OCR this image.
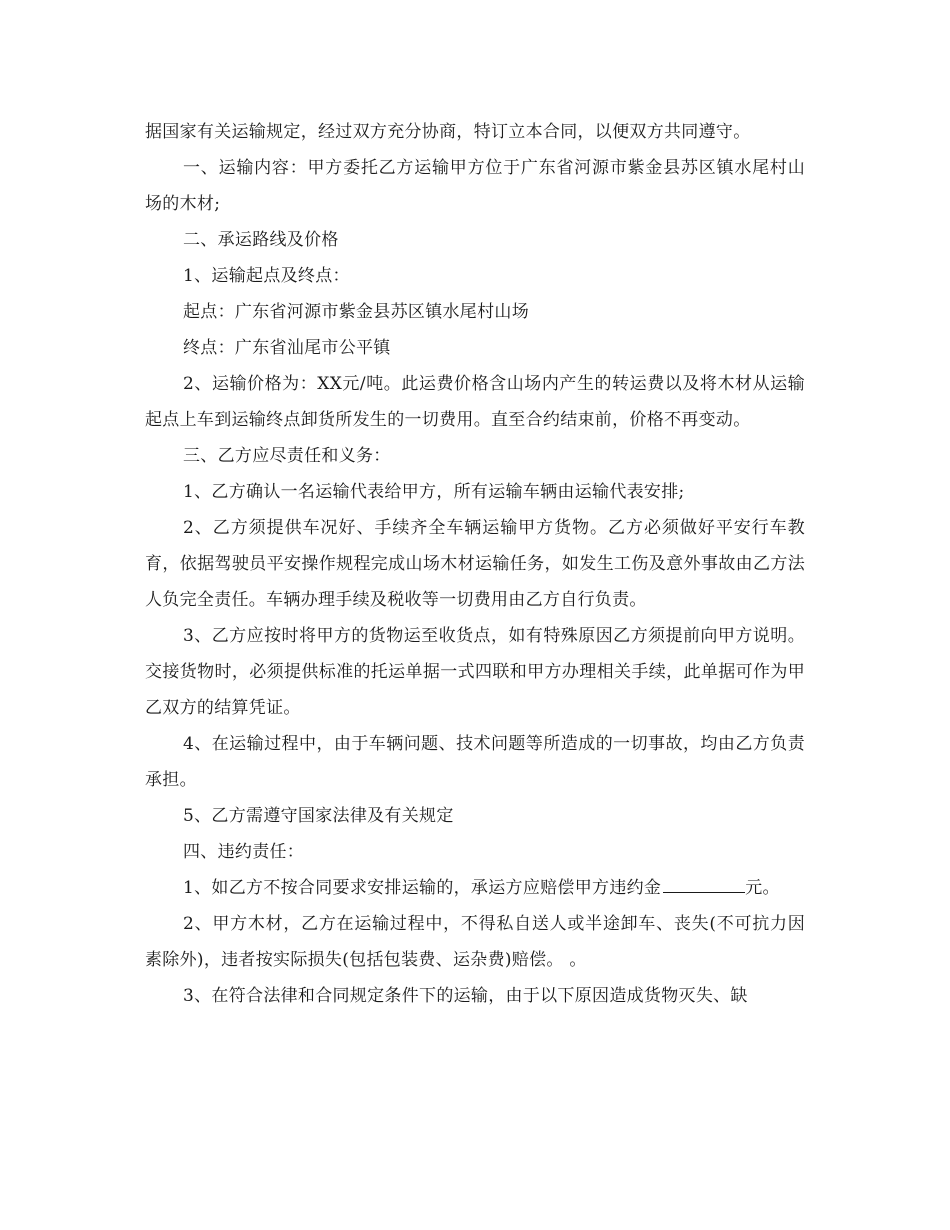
据国家有关运输规定，经过双方充分协商，特订立本合同，以便双方共同遵守。

一、运输内容：甲方委托乙方运输甲方位于广东省河源市紫金县苏区镇水尾村山场的木材;

二、承运路线及价格

1、运输起点及终点：

起点：广东省河源市紫金县苏区镇水尾村山场

终点：广东省汕尾市公平镇

2、运输价格为：XX元/吨。此运费价格含山场内产生的转运费以及将木材从运输起点上车到运输终点卸货所发生的一切费用。直至合约结束前，价格不再变动。

三、乙方应尽责任和义务：

1、乙方确认一名运输代表给甲方，所有运输车辆由运输代表安排;

2、乙方须提供车况好、手续齐全车辆运输甲方货物。乙方必须做好平安行车教育，依据驾驶员平安操作规程完成山场木材运输任务，如发生工伤及意外事故由乙方法人负完全责任。车辆办理手续及税收等一切费用由乙方自行负责。

3、乙方应按时将甲方的货物运至收货点，如有特殊原因乙方须提前向甲方说明。交接货物时，必须提供标准的托运单据一式四联和甲方办理相关手续，此单据可作为甲乙双方的结算凭证。

4、在运输过程中，由于车辆问题、技术问题等所造成的一切事故，均由乙方负责承担。

5、乙方需遵守国家法律及有关规定

四、违约责任：

1、如乙方不按合同要求安排运输的，承运方应赔偿甲方违约金	元。

2、甲方木材，乙方在运输过程中，不得私自送人或半途卸车、丧失(不可抗力因素除外)，违者按实际损失(包括包装费、运杂费)赔偿。 。

3、在符合法律和合同规定条件下的运输，由于以下原因造成货物灭失、缺
